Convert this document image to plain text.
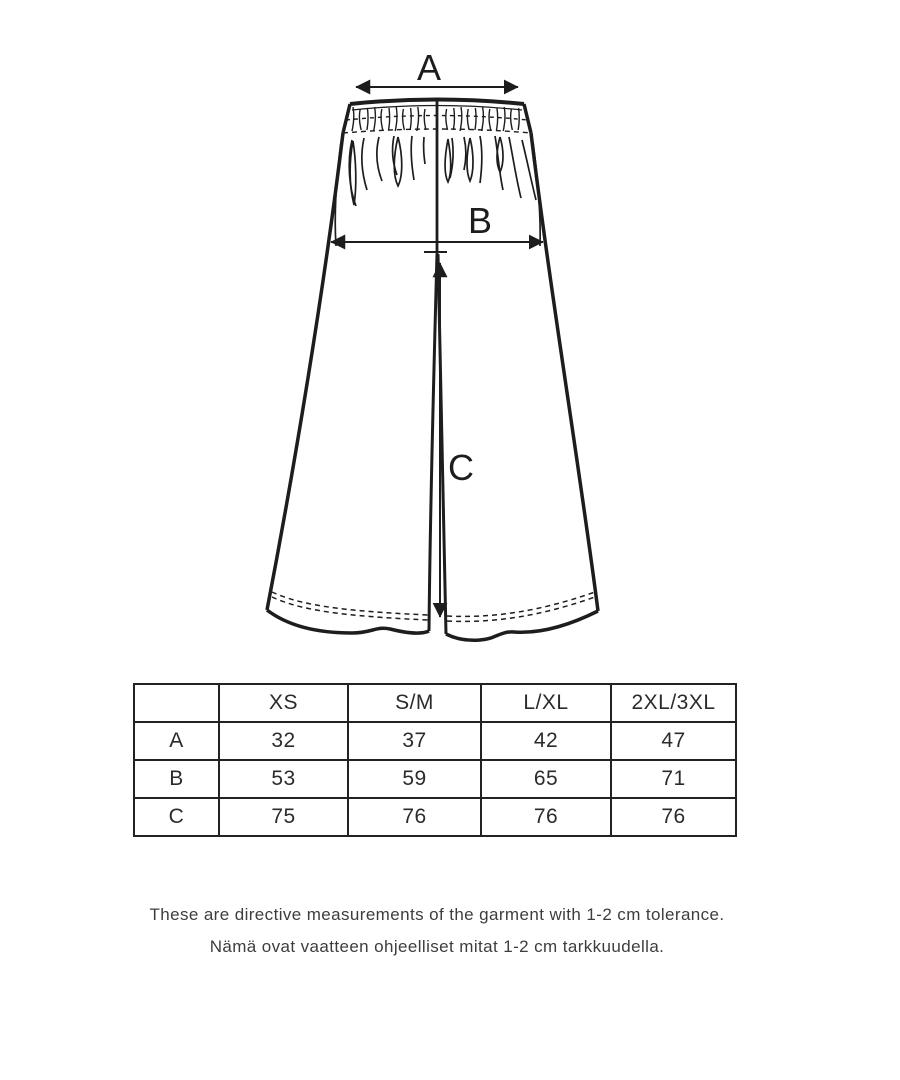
A
B
C
	XS	S/M	L/XL	2XL/3XL
A	32	37	42	47
B	53	59	65	71
C	75	76	76	76

These are directive measurements of the garment with 1-2 cm tolerance.

Nämä ovat vaatteen ohjeelliset mitat 1-2 cm tarkkuudella.
